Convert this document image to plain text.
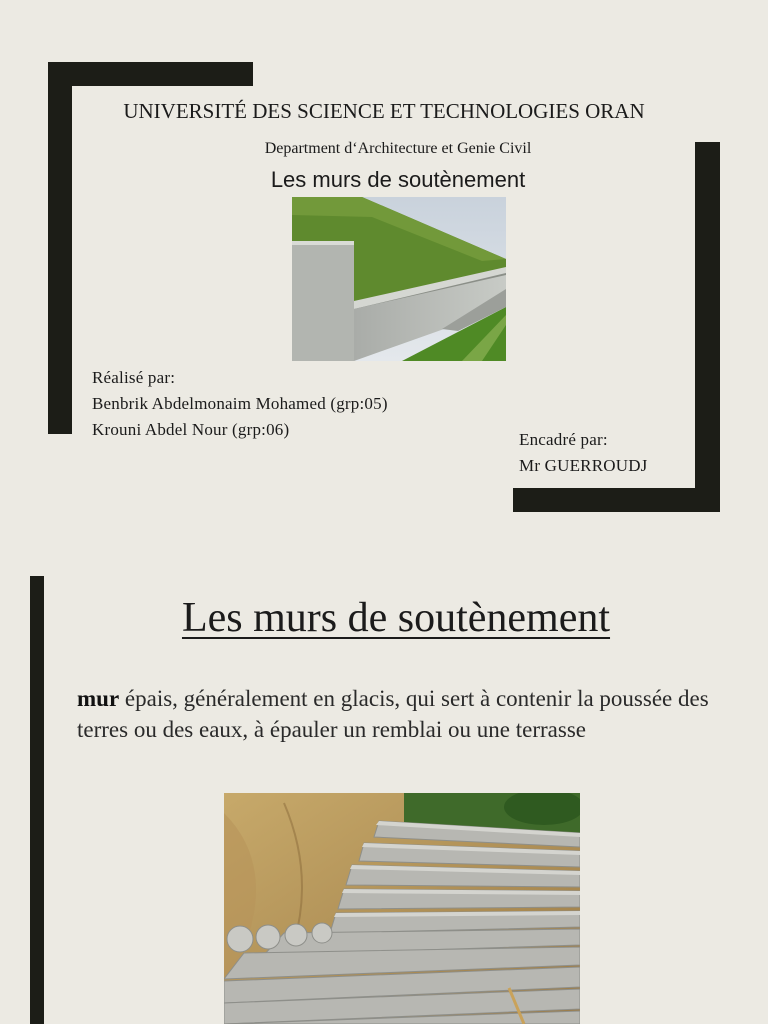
UNIVERSITÉ DES SCIENCE ET TECHNOLOGIES ORAN
Department d‘Architecture et Genie Civil
Les murs de soutènement
Réalisé par:
Benbrik Abdelmonaim Mohamed (grp:05)
Krouni Abdel Nour (grp:06)
Encadré par:
Mr GUERROUDJ
Les murs de soutènement
mur épais, généralement en glacis, qui sert à contenir la poussée des terres ou des eaux, à épauler un remblai ou une terrasse
